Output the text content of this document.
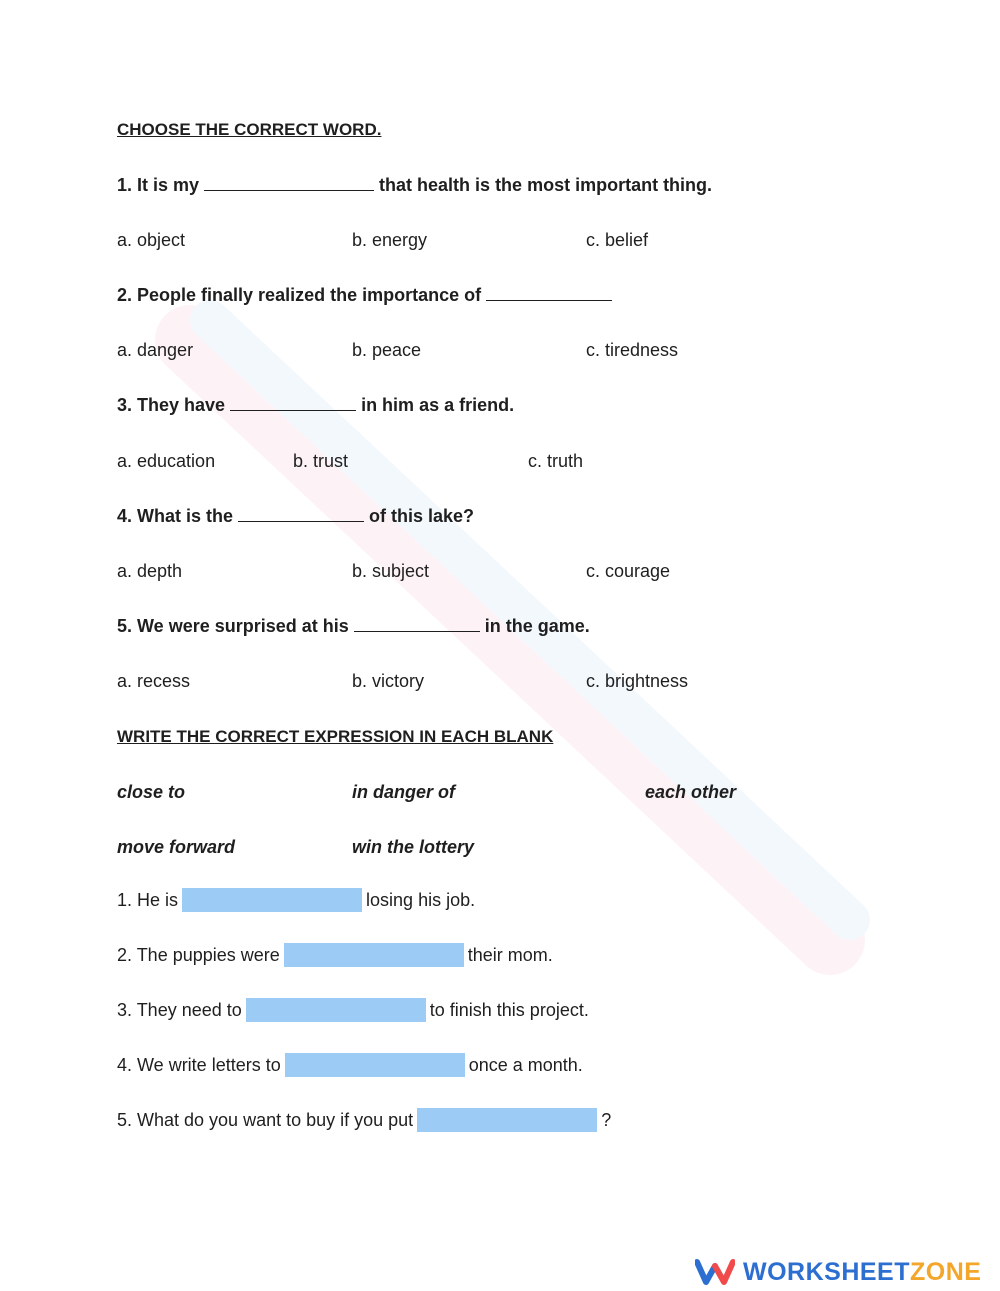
CHOOSE THE CORRECT WORD.
1. It is my	that health is the most important thing.
a. object	b. energy	c. belief
2. People finally realized the importance of
a. danger	b. peace	c. tiredness
3. They have	in him as a friend.
a. education	b. trust	c. truth
4. What is the	of this lake?
a. depth	b. subject	c. courage
5. We were surprised at his	in the game.
a. recess	b. victory	c. brightness
WRITE THE CORRECT EXPRESSION IN EACH BLANK
close to	in danger of	each other
move forward	win the lottery
1. He is	losing his job.
2. The puppies were	their mom.
3. They need to	to finish this project.
4. We write letters to	once a month.
5. What do you want to buy if you put	?
WORKSHEETZONE
